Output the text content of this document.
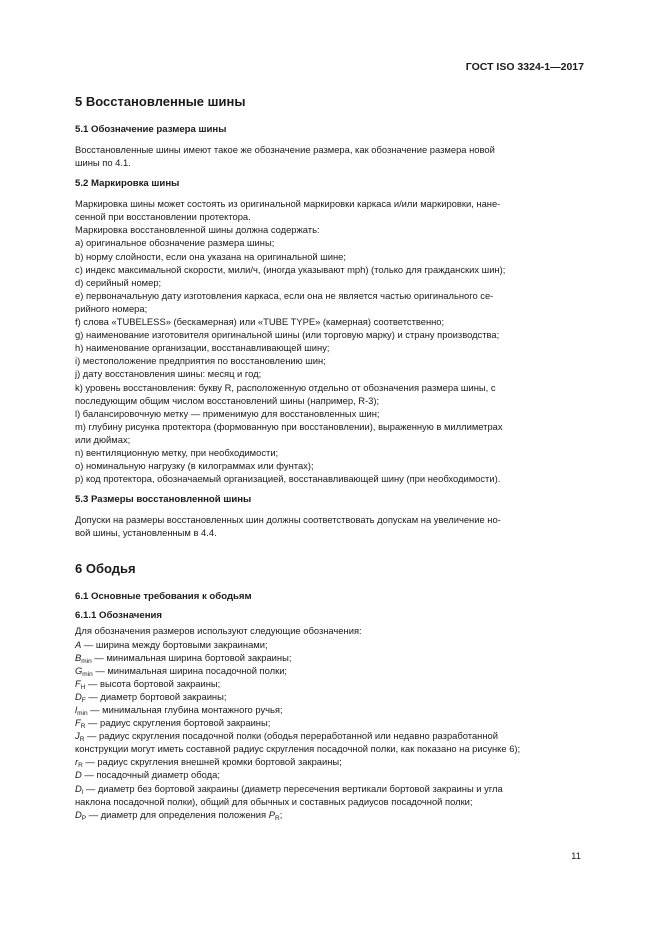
ГОСТ ISO 3324-1—2017
5 Восстановленные шины
5.1 Обозначение размера шины

Восстановленные шины имеют такое же обозначение размера, как обозначение размера новой

шины по 4.1.

5.2 Маркировка шины

Маркировка шины может состоять из оригинальной маркировки каркаса и/или маркировки, нане-

сенной при восстановлении протектора.

Маркировка восстановленной шины должна содержать:

a) оригинальное обозначение размера шины;

b) норму слойности, если она указана на оригинальной шине;

c) индекс максимальной скорости, мили/ч, (иногда указывают mph) (только для гражданских шин);

d) серийный номер;

e) первоначальную дату изготовления каркаса, если она не является частью оригинального се-

рийного номера;

f) слова «TUBELESS» (бескамерная) или «TUBE TYPE» (камерная) соответственно;

g) наименование изготовителя оригинальной шины (или торговую марку) и страну производства;

h) наименование организации, восстанавливающей шину;

i) местоположение предприятия по восстановлению шин;

j) дату восстановления шины: месяц и год;

k) уровень восстановления: букву R, расположенную отдельно от обозначения размера шины, с

последующим общим числом восстановлений шины (например, R-3);

l) балансировочную метку — применимую для восстановленных шин;

m) глубину рисунка протектора (формованную при восстановлении), выраженную в миллиметрах

или дюймах;

n) вентиляционную метку, при необходимости;

o) номинальную нагрузку (в килограммах или фунтах);

p) код протектора, обозначаемый организацией, восстанавливающей шину (при необходимости).

5.3 Размеры восстановленной шины

Допуски на размеры восстановленных шин должны соответствовать допускам на увеличение но-

вой шины, установленным в 4.4.

6 Ободья
6.1 Основные требования к ободьям
6.1.1 Обозначения

Для обозначения размеров используют следующие обозначения:

A — ширина между бортовыми закраинами;

$B_{min}$ — минимальная ширина бортовой закраины;

$G_{min}$ — минимальная ширина посадочной полки;

$F_H$ — высота бортовой закраины;

$D_F$ — диаметр бортовой закраины;

$l_{min}$ — минимальная глубина монтажного ручья;

$F_R$ — радиус скругления бортовой закраины;

$J_R$ — радиус скругления посадочной полки (ободья переработанной или недавно разработанной

конструкции могут иметь составной радиус скругления посадочной полки, как показано на рисунке 6);

$r_R$ — радиус скругления внешней кромки бортовой закраины;

D — посадочный диаметр обода;

$D_l$ — диаметр без бортовой закраины (диаметр пересечения вертикали бортовой закраины и угла

наклона посадочной полки), общий для обычных и составных радиусов посадочной полки;

$D_P$ — диаметр для определения положения $P_R$;

11
